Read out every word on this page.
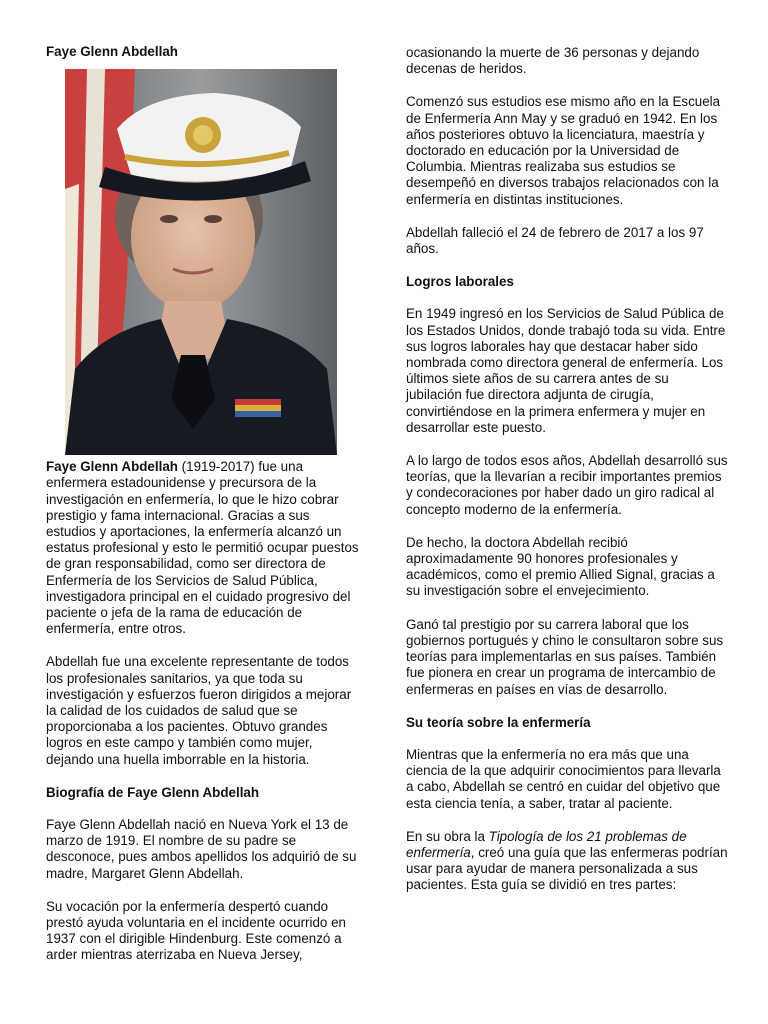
Faye Glenn Abdellah

Faye Glenn Abdellah (1919-2017) fue una enfermera estadounidense y precursora de la investigación en enfermería, lo que le hizo cobrar prestigio y fama internacional. Gracias a sus estudios y aportaciones, la enfermería alcanzó un estatus profesional y esto le permitió ocupar puestos de gran responsabilidad, como ser directora de Enfermería de los Servicios de Salud Pública, investigadora principal en el cuidado progresivo del paciente o jefa de la rama de educación de enfermería, entre otros.

Abdellah fue una excelente representante de todos los profesionales sanitarios, ya que toda su investigación y esfuerzos fueron dirigidos a mejorar la calidad de los cuidados de salud que se proporcionaba a los pacientes. Obtuvo grandes logros en este campo y también como mujer, dejando una huella imborrable en la historia.

Biografía de Faye Glenn Abdellah

Faye Glenn Abdellah nació en Nueva York el 13 de marzo de 1919. El nombre de su padre se desconoce, pues ambos apellidos los adquirió de su madre, Margaret Glenn Abdellah.

Su vocación por la enfermería despertó cuando prestó ayuda voluntaria en el incidente ocurrido en 1937 con el dirigible Hindenburg. Este comenzó a arder mientras aterrizaba en Nueva Jersey,

ocasionando la muerte de 36 personas y dejando decenas de heridos.

Comenzó sus estudios ese mismo año en la Escuela de Enfermería Ann May y se graduó en 1942. En los años posteriores obtuvo la licenciatura, maestría y doctorado en educación por la Universidad de Columbia. Mientras realizaba sus estudios se desempeñó en diversos trabajos relacionados con la enfermería en distintas instituciones.

Abdellah falleció el 24 de febrero de 2017 a los 97 años.

Logros laborales

En 1949 ingresó en los Servicios de Salud Pública de los Estados Unidos, donde trabajó toda su vida. Entre sus logros laborales hay que destacar haber sido nombrada como directora general de enfermería. Los últimos siete años de su carrera antes de su jubilación fue directora adjunta de cirugía, convirtiéndose en la primera enfermera y mujer en desarrollar este puesto.

A lo largo de todos esos años, Abdellah desarrolló sus teorías, que la llevarían a recibir importantes premios y condecoraciones por haber dado un giro radical al concepto moderno de la enfermería.

De hecho, la doctora Abdellah recibió aproximadamente 90 honores profesionales y académicos, como el premio Allied Signal, gracias a su investigación sobre el envejecimiento.

Ganó tal prestigio por su carrera laboral que los gobiernos portugués y chino le consultaron sobre sus teorías para implementarlas en sus países. También fue pionera en crear un programa de intercambio de enfermeras en países en vías de desarrollo.

Su teoría sobre la enfermería

Mientras que la enfermería no era más que una ciencia de la que adquirir conocimientos para llevarla a cabo, Abdellah se centró en cuidar del objetivo que esta ciencia tenía, a saber, tratar al paciente.

En su obra la Tipología de los 21 problemas de enfermería, creó una guía que las enfermeras podrían usar para ayudar de manera personalizada a sus pacientes. Esta guía se dividió en tres partes:
